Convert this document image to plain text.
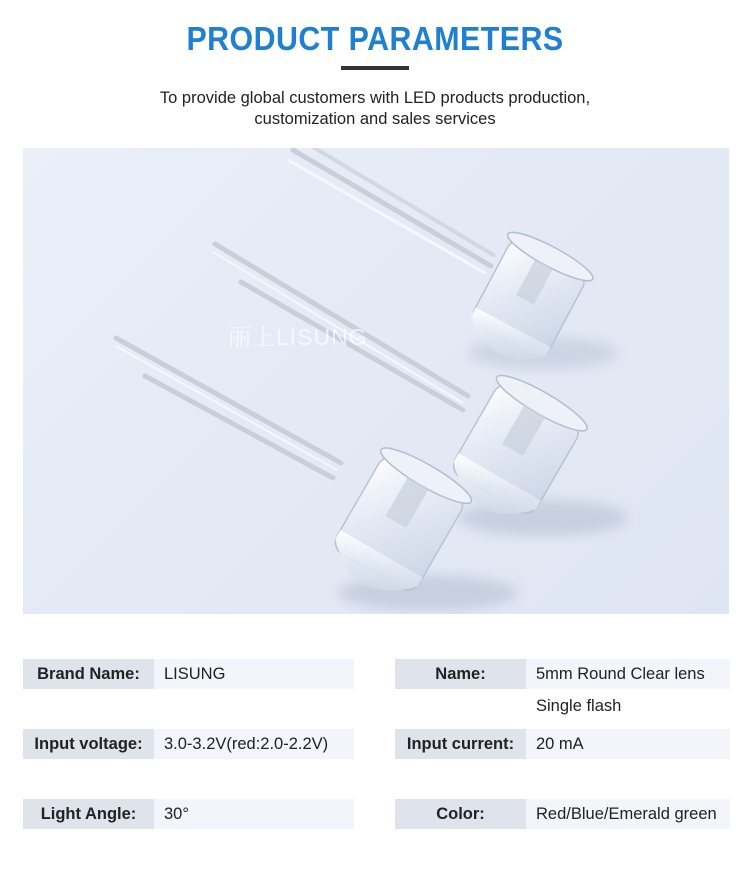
PRODUCT PARAMETERS
To provide global customers with LED products production,
customization and sales services
丽上LISUNG
Brand Name:	LISUNG	Name:	5mm Round Clear lens
Single flash
Input voltage:	3.0-3.2V(red:2.0-2.2V)	Input current:	20 mA
Light Angle:	30°	Color:	Red/Blue/Emerald green
